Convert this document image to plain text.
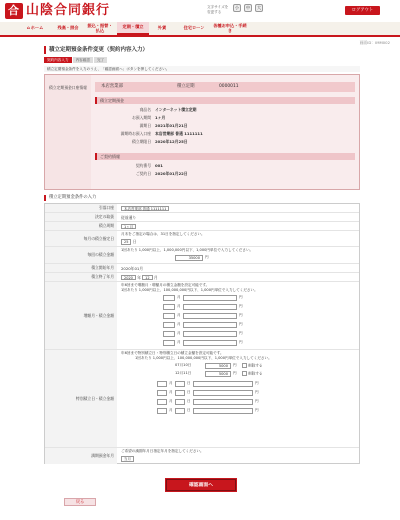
合 山陰合同銀行	文字サイズを変更する
小	中	大
ログアウト
⌂ ホーム	残高・照会	振込・振替・払込
定期・積立	外貨	住宅ローン	各種お申込・手続き
画面ID：IMM002
積立定期預金条件変更（契約内容入力）
契約内容入力	内容確認	完了
積立定期預金条件を入力のうえ、「確認画面へ」ボタンを押してください。
積立定期預金口座情報	本店営業部	積立定期	0000011
積立定期預金
商品名 インターネット積立定期
お預入期間 1ヶ月
満期日 2021年01月21日
満期時お預入口座 本店営業部 普通 1111111
積立期限日 2020年12月25日
ご契約情報
契約番号 001
ご契約日 2020年01月22日
積立定期預金条件の入力
引落口座	本店営業部 普通 1111111
決定の取扱	従前通り
積立周期	1ヶ月
毎月の積立指定日
月末をご指定の場合は、31日を指定してください。
25 日
毎回の積立金額
1回あたり 1,000円以上、1,000,000円以下、1,000円単位で入力してください。
35000	円
積立開始年月	2020年01月
積立終了年月	2020 年 12 月
増額月・積立金額
年6回まで増額月・増額月の積立金額を設定可能です。
1回あたり 1,000円以上、100,000,000円以下、1,000円単位で入力してください。
月	円
月	円
月	円
月	円
月	円
月	円
特別積立日・積立金額
年6回まで特別積立日・特別積立日の積立金額を設定可能です。
1回あたり 1,000円以上、100,000,000円以下、1,000円単位で入力してください。
07月10日	5000	円	削除する
12月11日	5000	円	削除する
月	日	円
月	日	円
月	日	円
月	日	円
満期預金年月
ご希望の満期年月日指定年月を指定してください。
当月
確認画面へ
戻る
